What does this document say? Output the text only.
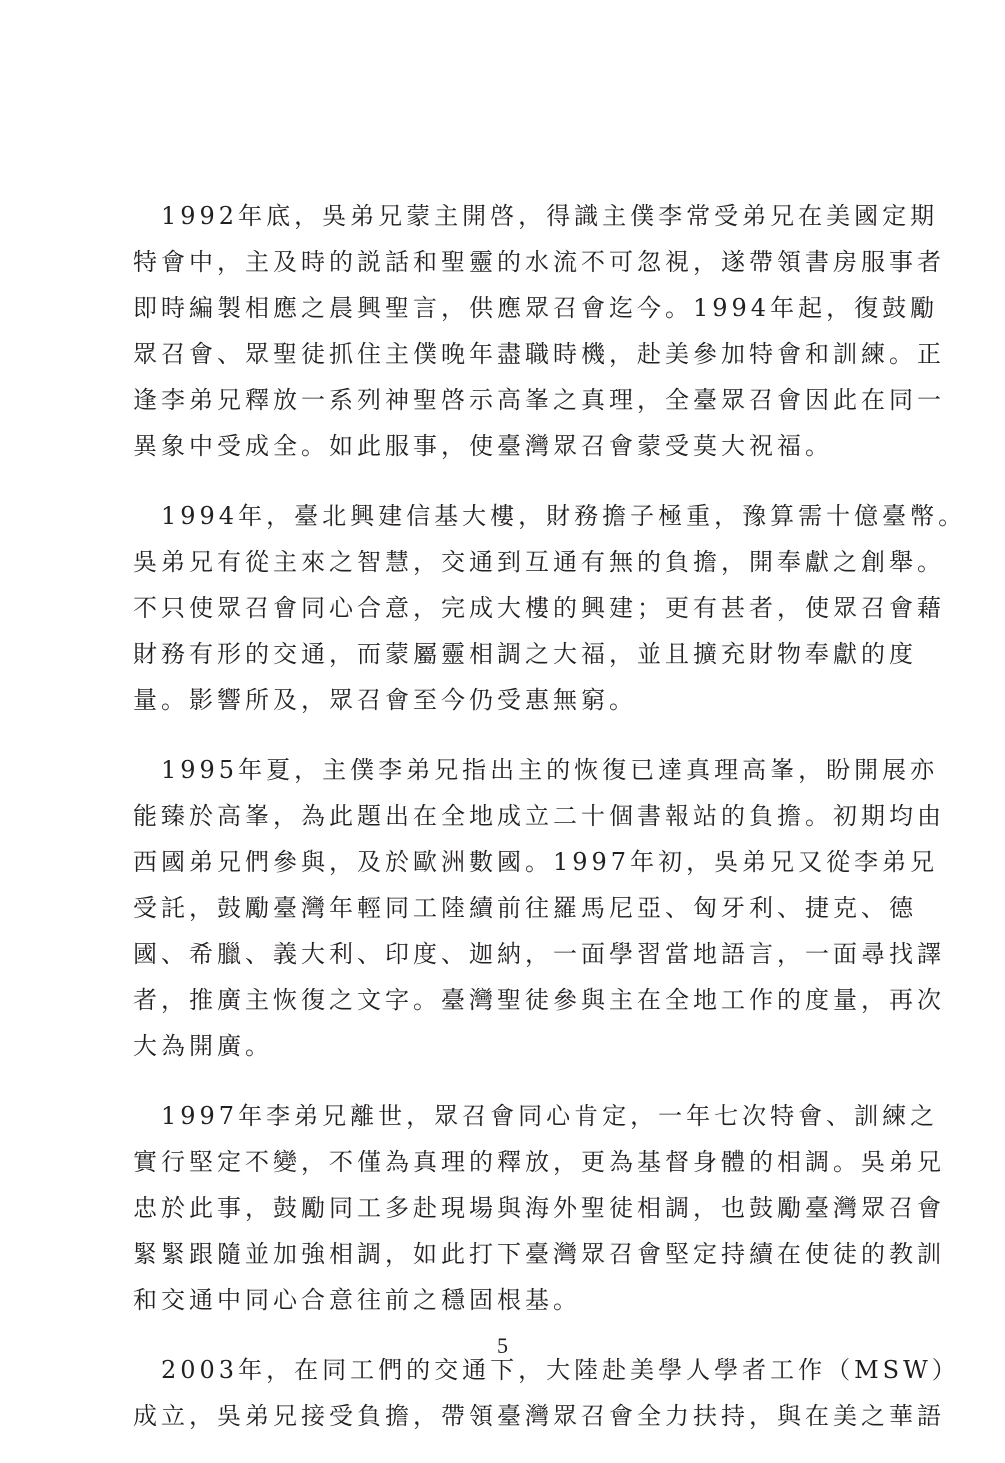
1992年底，吳弟兄蒙主開啓，得識主僕李常受弟兄在美國定期
特會中，主及時的説話和聖靈的水流不可忽視，遂帶領書房服事者
即時編製相應之晨興聖言，供應眾召會迄今。1994年起，復鼓勵
眾召會、眾聖徒抓住主僕晚年盡職時機，赴美參加特會和訓練。正
逢李弟兄釋放一系列神聖啓示高峯之真理，全臺眾召會因此在同一
異象中受成全。如此服事，使臺灣眾召會蒙受莫大祝福。

1994年，臺北興建信基大樓，財務擔子極重，豫算需十億臺幣。
吳弟兄有從主來之智慧，交通到互通有無的負擔，開奉獻之創舉。
不只使眾召會同心合意，完成大樓的興建；更有甚者，使眾召會藉
財務有形的交通，而蒙屬靈相調之大福，並且擴充財物奉獻的度
量。影響所及，眾召會至今仍受惠無窮。

1995年夏，主僕李弟兄指出主的恢復已達真理高峯，盼開展亦
能臻於高峯，為此題出在全地成立二十個書報站的負擔。初期均由
西國弟兄們參與，及於歐洲數國。1997年初，吳弟兄又從李弟兄
受託，鼓勵臺灣年輕同工陸續前往羅馬尼亞、匈牙利、捷克、德
國、希臘、義大利、印度、迦納，一面學習當地語言，一面尋找譯
者，推廣主恢復之文字。臺灣聖徒參與主在全地工作的度量，再次
大為開廣。

1997年李弟兄離世，眾召會同心肯定，一年七次特會、訓練之
實行堅定不變，不僅為真理的釋放，更為基督身體的相調。吳弟兄
忠於此事，鼓勵同工多赴現場與海外聖徒相調，也鼓勵臺灣眾召會
緊緊跟隨並加強相調，如此打下臺灣眾召會堅定持續在使徒的教訓
和交通中同心合意往前之穩固根基。

2003年，在同工們的交通下，大陸赴美學人學者工作（MSW）
成立，吳弟兄接受負擔，帶領臺灣眾召會全力扶持，與在美之華語

5
